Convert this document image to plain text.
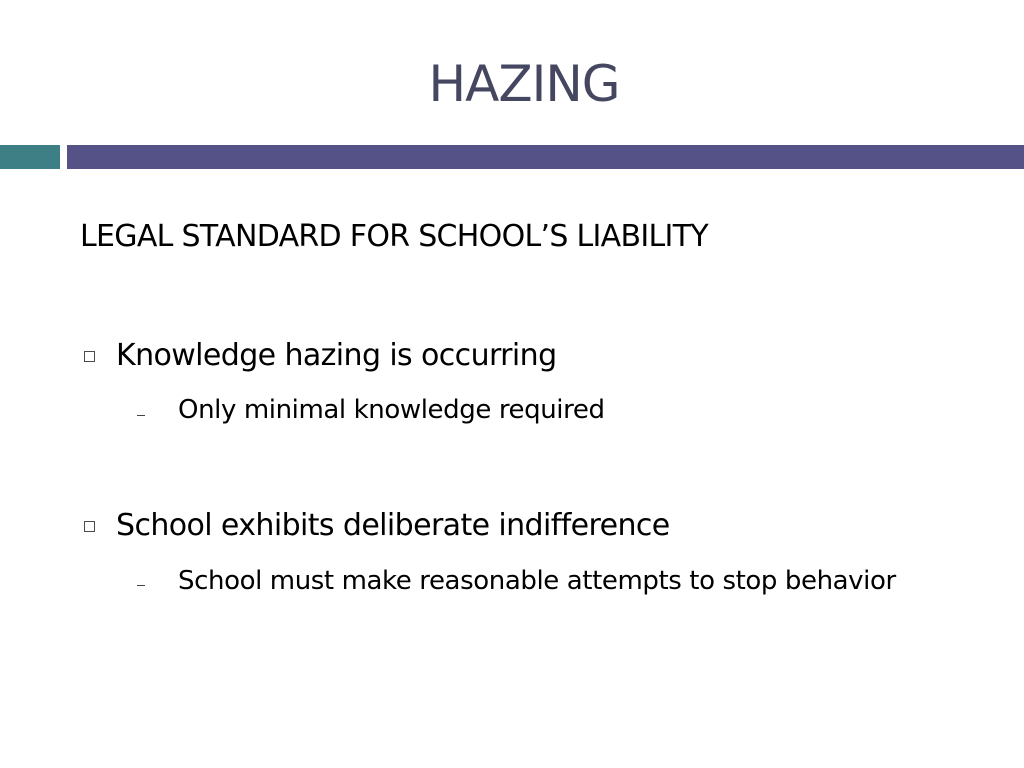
HAZING
LEGAL STANDARD FOR SCHOOL’S LIABILITY
Knowledge hazing is occurring
Only minimal knowledge required
School exhibits deliberate indifference
School must make reasonable attempts to stop behavior
